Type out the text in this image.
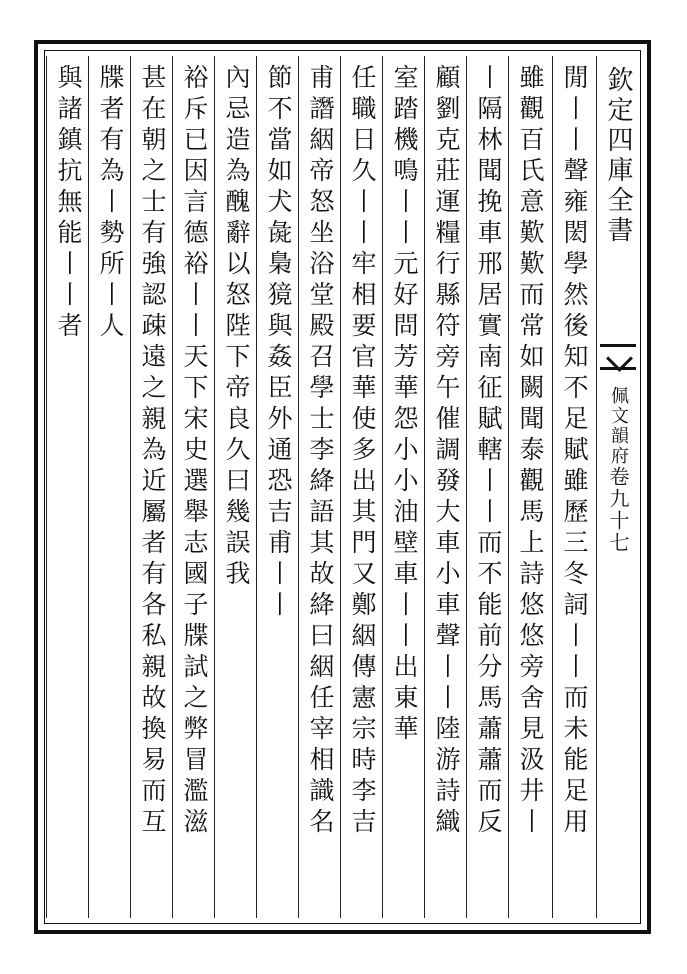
欽定四庫全書
佩文韻府
卷九十七
閒丨丨聲雍閎學然後知不足賦雖歷三冬詞丨丨而未能足用
雖觀百氏意歎歎而常如闕聞泰觀馬上詩悠悠旁舍見汲井丨
丨隔林聞挽車邢居實南征賦轄丨丨而不能前分馬蕭蕭而反
顧劉克莊運糧行縣符旁午催調發大車小車聲丨丨陸游詩織
室踏機鳴丨丨元好問芳華怨小小油壁車丨丨出東華
任職日久丨丨牢相要官華使多出其門又鄭絪傳憲宗時李吉
甫譖絪帝怒坐浴堂殿召學士李絳語其故絳曰絪任宰相識名
節不當如犬彘梟獍與姦臣外通恐吉甫丨丨
內忌造為醜辭以怒陛下帝良久曰幾誤我
裕斥已因言德裕丨丨天下宋史選舉志國子牒試之弊冒濫滋
甚在朝之士有強認疎遠之親為近屬者有各私親故換易而互
牒者有為丨勢所丨人
與諸鎮抗無能丨丨者
